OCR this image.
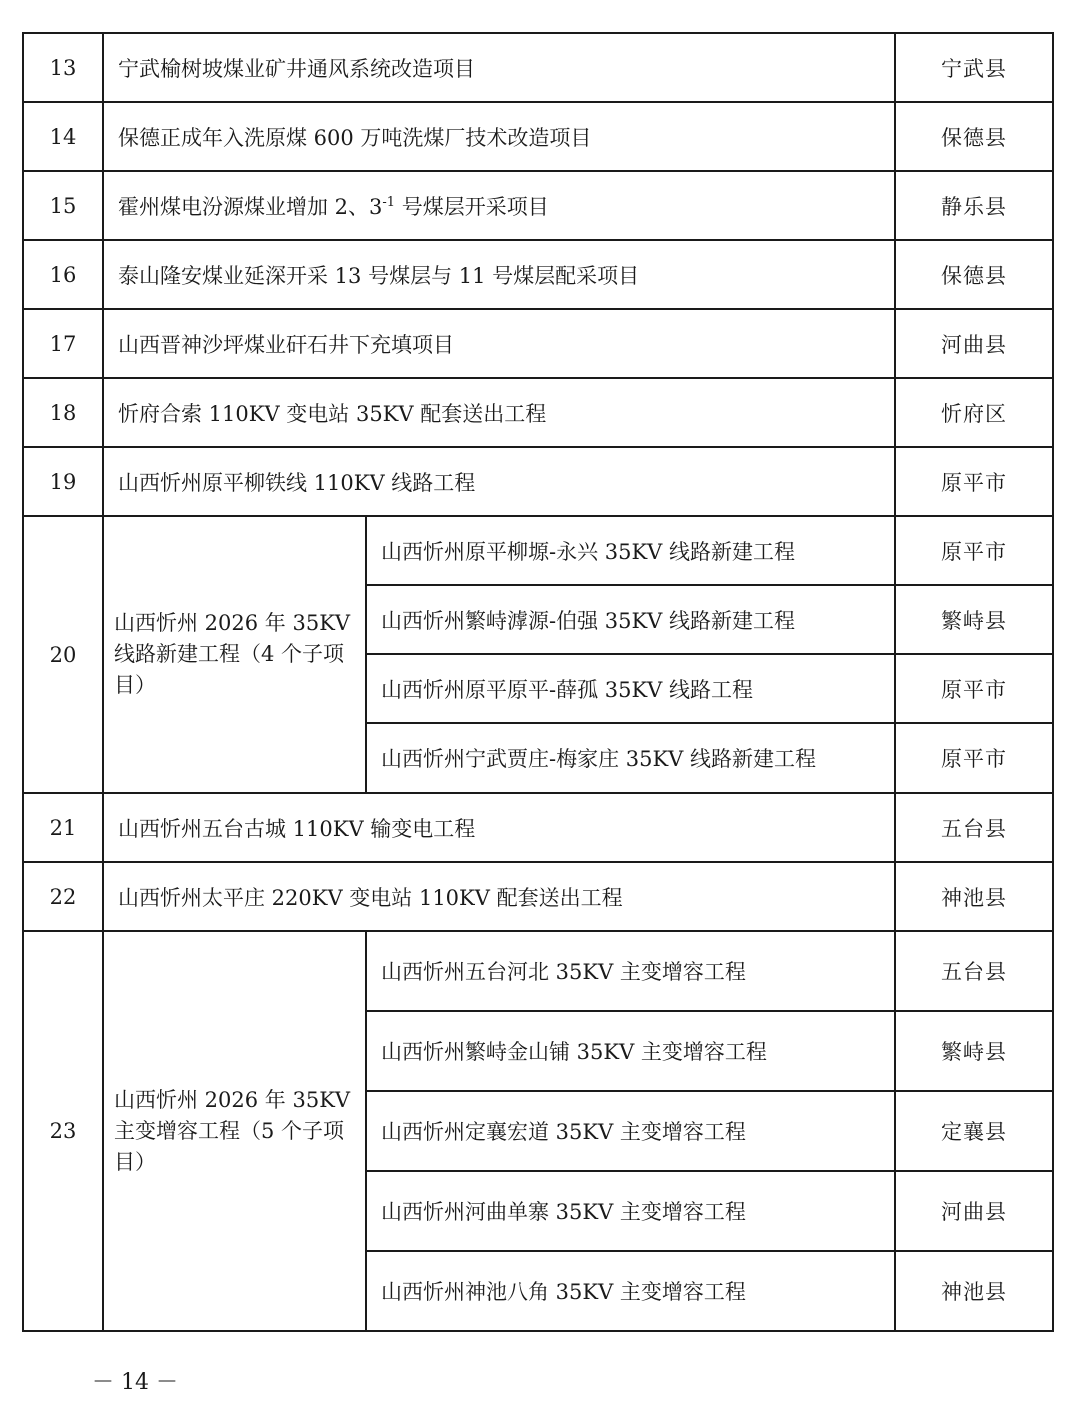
13	宁武榆树坡煤业矿井通风系统改造项目		宁武县
14	保德正成年入洗原煤 600 万吨洗煤厂技术改造项目		保德县
15	霍州煤电汾源煤业增加 2、$3^{-1}$ 号煤层开采项目		静乐县
16	泰山隆安煤业延深开采 13 号煤层与 11 号煤层配采项目		保德县
17	山西晋神沙坪煤业矸石井下充填项目		河曲县
18	忻府合索 110KV 变电站 35KV 配套送出工程		忻府区
19	山西忻州原平柳铁线 110KV 线路工程		原平市
20	山西忻州 2026 年 35KV 线路新建工程（4 个子项目）	山西忻州原平柳塬-永兴 35KV 线路新建工程	原平市
		山西忻州繁峙滹源-伯强 35KV 线路新建工程	繁峙县
		山西忻州原平原平-薛孤 35KV 线路工程	原平市
		山西忻州宁武贾庄-梅家庄 35KV 线路新建工程	原平市
21	山西忻州五台古城 110KV 输变电工程		五台县
22	山西忻州太平庄 220KV 变电站 110KV 配套送出工程		神池县
23	山西忻州 2026 年 35KV 主变增容工程（5 个子项目）	山西忻州五台河北 35KV 主变增容工程	五台县
		山西忻州繁峙金山铺 35KV 主变增容工程	繁峙县
		山西忻州定襄宏道 35KV 主变增容工程	定襄县
		山西忻州河曲单寨 35KV 主变增容工程	河曲县
		山西忻州神池八角 35KV 主变增容工程	神池县
－ 14 －
